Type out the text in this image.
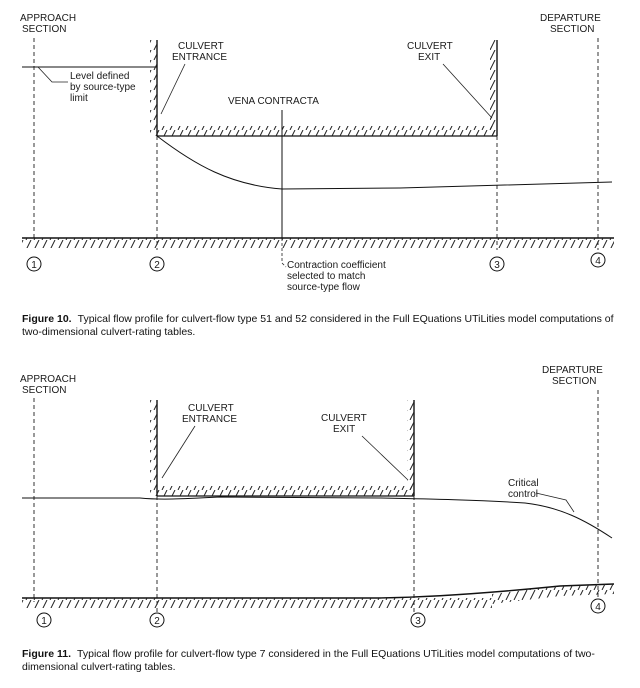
APPROACH
SECTION
DEPARTURE
SECTION
CULVERT
ENTRANCE
CULVERT
EXIT
VENA CONTRACTA
Level defined
by source-type
limit
Contraction coefficient
selected to match
source-type flow
1	2	3	4
APPROACH
SECTION
DEPARTURE
SECTION
CULVERT
ENTRANCE	CULVERT
EXIT
Critical
control
1	2	3
4
Figure 10. Typical flow profile for culvert-flow type 51 and 52 considered in the Full EQuations UTiLities model computations of two-dimensional culvert-rating tables.
Figure 11. Typical flow profile for culvert-flow type 7 considered in the Full EQuations UTiLities model computations of two-dimensional culvert-rating tables.
